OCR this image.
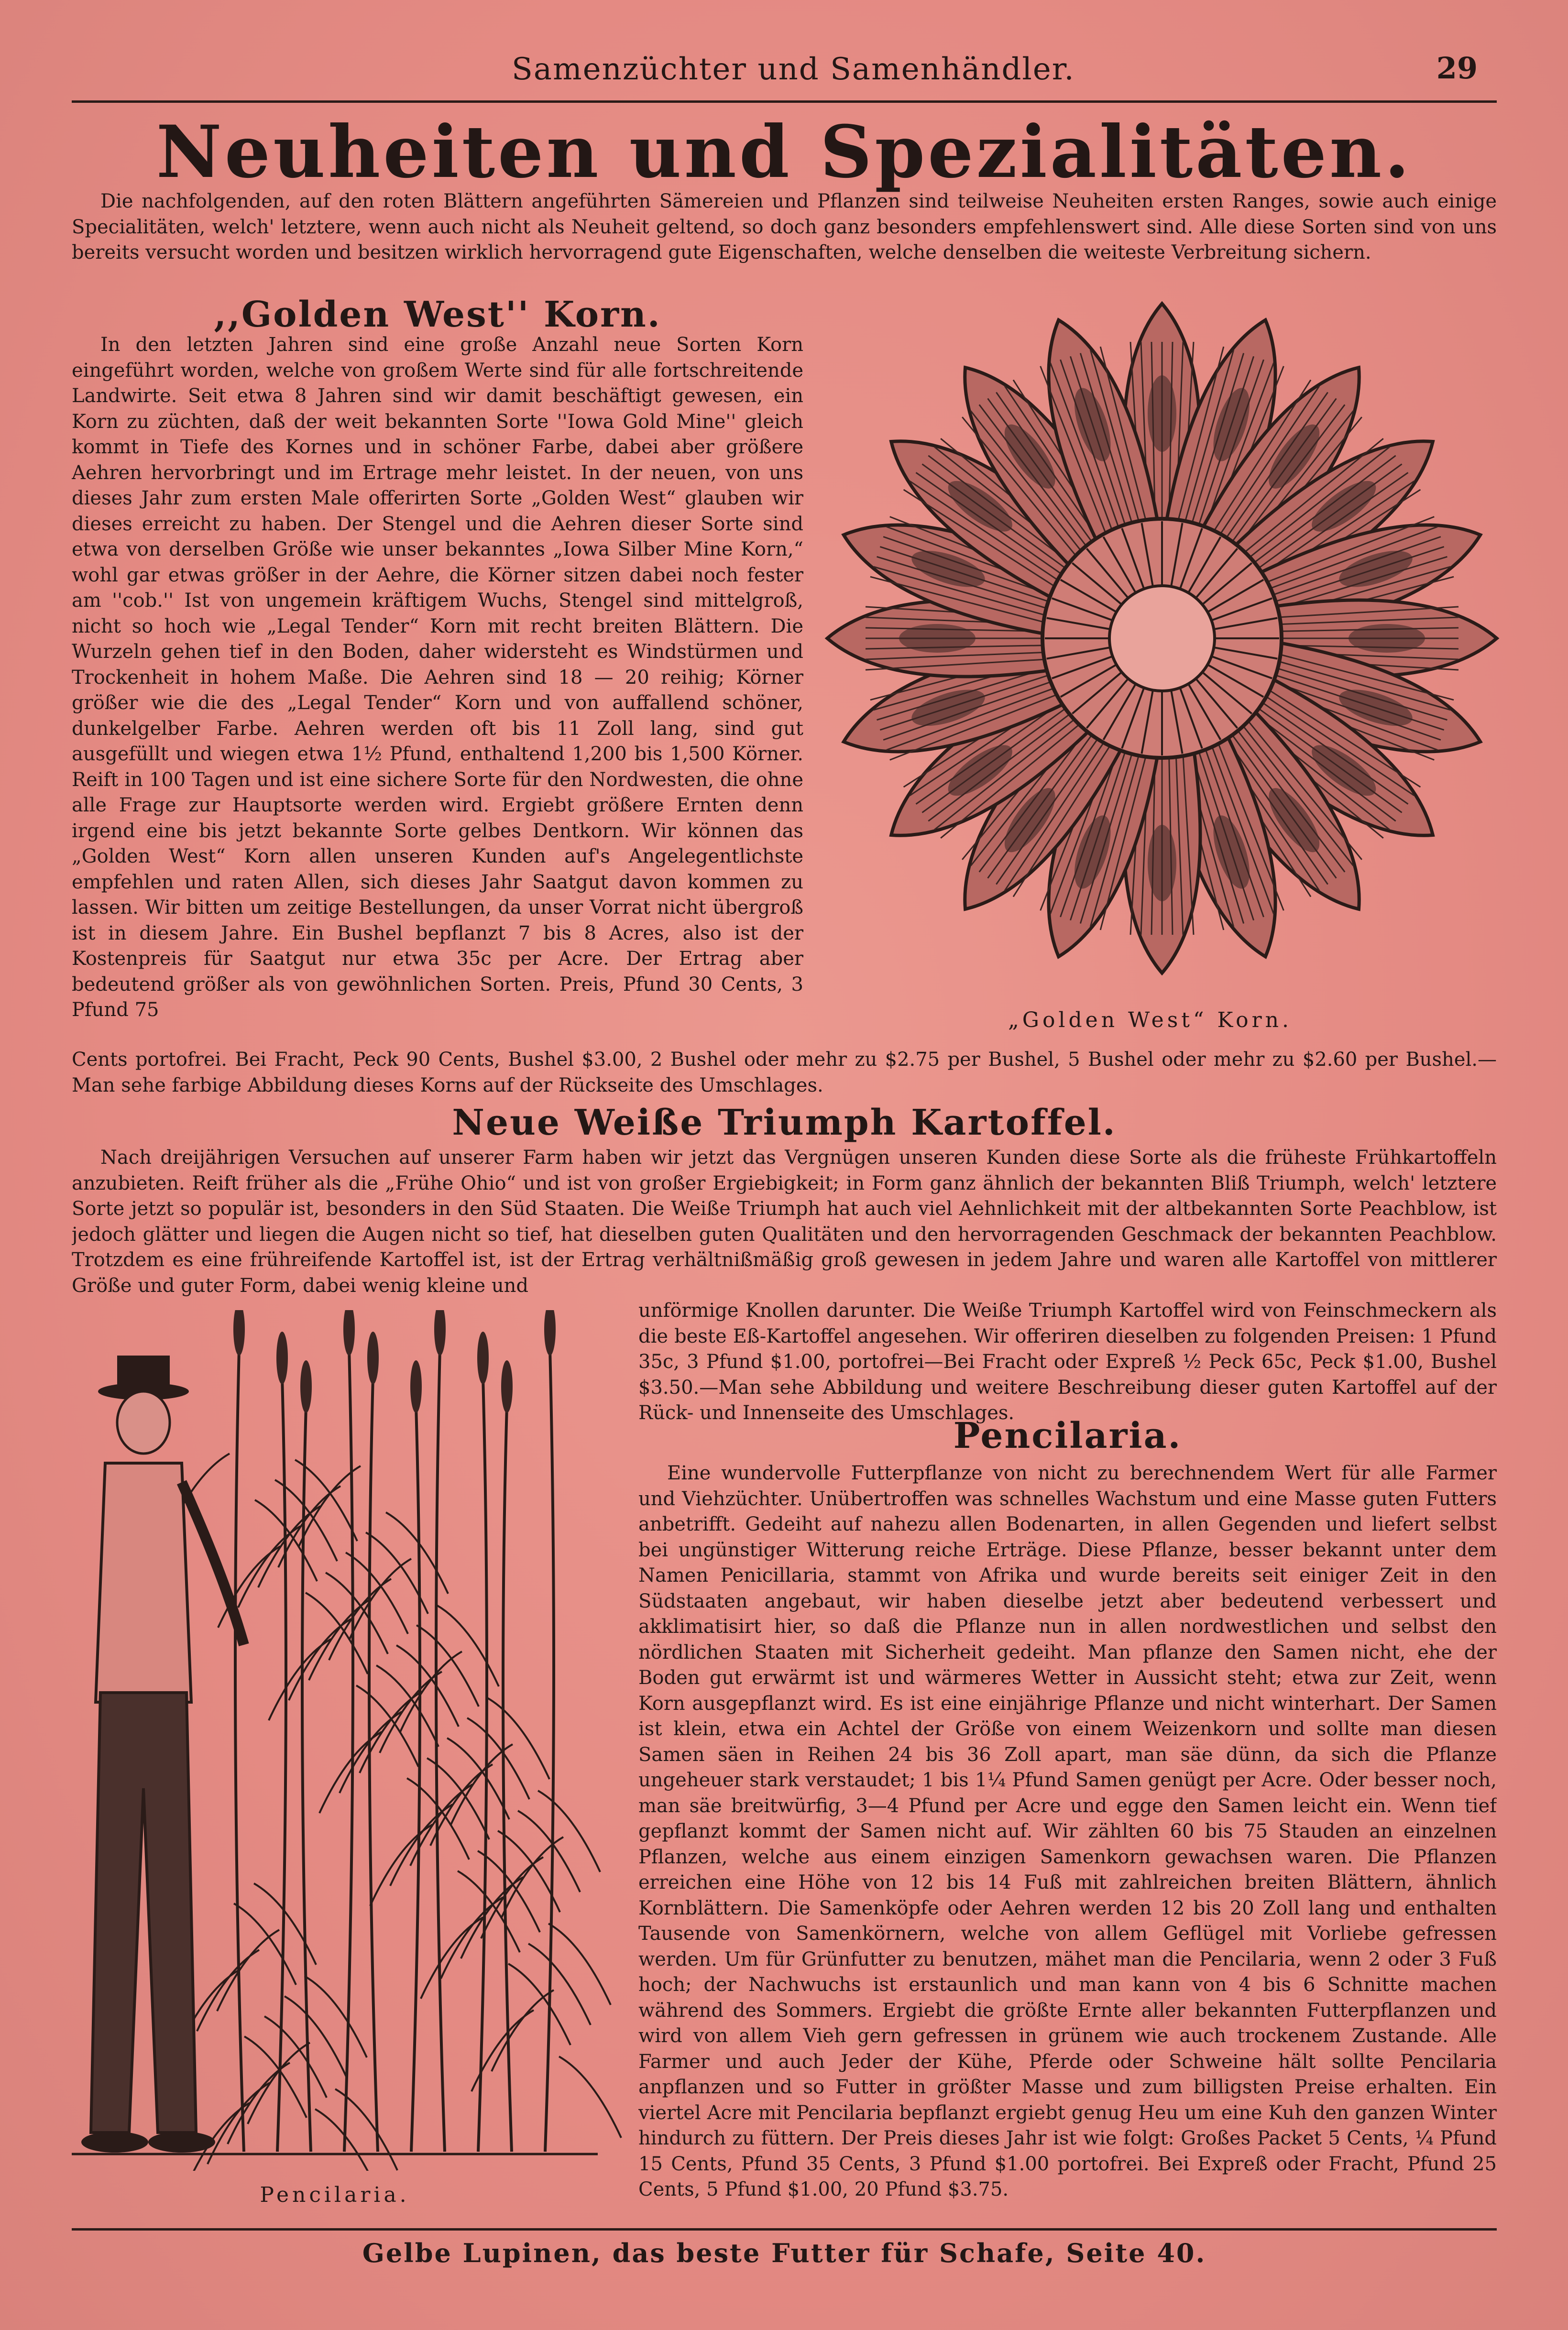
Samenzüchter und Samenhändler.	29
Neuheiten und Spezialitäten.
Die nachfolgenden, auf den roten Blättern angeführten Sämereien und Pflanzen sind teilweise Neuheiten ersten Ranges, sowie auch einige Specialitäten, welch' letztere, wenn auch nicht als Neuheit geltend, so doch ganz besonders empfehlenswert sind. Alle diese Sorten sind von uns bereits versucht worden und besitzen wirklich hervorragend gute Eigenschaften, welche denselben die weiteste Verbreitung sichern.
,,Golden West'' Korn.
In den letzten Jahren sind eine große Anzahl neue Sorten Korn eingeführt worden, welche von großem Werte sind für alle fortschreitende Landwirte. Seit etwa 8 Jahren sind wir damit beschäftigt gewesen, ein Korn zu züchten, daß der weit bekannten Sorte ''Iowa Gold Mine'' gleich kommt in Tiefe des Kornes und in schöner Farbe, dabei aber größere Aehren hervorbringt und im Ertrage mehr leistet. In der neuen, von uns dieses Jahr zum ersten Male offerirten Sorte „Golden West“ glauben wir dieses erreicht zu haben. Der Stengel und die Aehren dieser Sorte sind etwa von derselben Größe wie unser bekanntes „Iowa Silber Mine Korn,“ wohl gar etwas größer in der Aehre, die Körner sitzen dabei noch fester am ''cob.'' Ist von ungemein kräftigem Wuchs, Stengel sind mittelgroß, nicht so hoch wie „Legal Tender“ Korn mit recht breiten Blättern. Die Wurzeln gehen tief in den Boden, daher widersteht es Windstürmen und Trockenheit in hohem Maße. Die Aehren sind 18 — 20 reihig; Körner größer wie die des „Legal Tender“ Korn und von auffallend schöner, dunkelgelber Farbe. Aehren werden oft bis 11 Zoll lang, sind gut ausgefüllt und wiegen etwa 1½ Pfund, enthaltend 1,200 bis 1,500 Körner. Reift in 100 Tagen und ist eine sichere Sorte für den Nordwesten, die ohne alle Frage zur Hauptsorte werden wird. Ergiebt größere Ernten denn irgend eine bis jetzt bekannte Sorte gelbes Dentkorn. Wir können das „Golden West“ Korn allen unseren Kunden auf's Angelegentlichste empfehlen und raten Allen, sich dieses Jahr Saatgut davon kommen zu lassen. Wir bitten um zeitige Bestellungen, da unser Vorrat nicht übergroß ist in diesem Jahre. Ein Bushel bepflanzt 7 bis 8 Acres, also ist der Kostenpreis für Saatgut nur etwa 35c per Acre. Der Ertrag aber bedeutend größer als von gewöhnlichen Sorten. Preis, Pfund 30 Cents, 3 Pfund 75	„Golden West“ Korn.
Cents portofrei. Bei Fracht, Peck 90 Cents, Bushel $3.00, 2 Bushel oder mehr zu $2.75 per Bushel, 5 Bushel oder mehr zu $2.60 per Bushel.—Man sehe farbige Abbildung dieses Korns auf der Rückseite des Umschlages.
Neue Weiße Triumph Kartoffel.
Nach dreijährigen Versuchen auf unserer Farm haben wir jetzt das Vergnügen unseren Kunden diese Sorte als die früheste Frühkartoffeln anzubieten. Reift früher als die „Frühe Ohio“ und ist von großer Ergiebigkeit; in Form ganz ähnlich der bekannten Bliß Triumph, welch' letztere Sorte jetzt so populär ist, besonders in den Süd Staaten. Die Weiße Triumph hat auch viel Aehnlichkeit mit der altbekannten Sorte Peachblow, ist jedoch glätter und liegen die Augen nicht so tief, hat dieselben guten Qualitäten und den hervorragenden Geschmack der bekannten Peachblow. Trotzdem es eine frühreifende Kartoffel ist, ist der Ertrag verhältnißmäßig groß gewesen in jedem Jahre und waren alle Kartoffel von mittlerer Größe und guter Form, dabei wenig kleine und
unförmige Knollen darunter. Die Weiße Triumph Kartoffel wird von Feinschmeckern als die beste Eß-Kartoffel angesehen. Wir offeriren dieselben zu folgenden Preisen: 1 Pfund 35c, 3 Pfund $1.00, portofrei—Bei Fracht oder Expreß ½ Peck 65c, Peck $1.00, Bushel $3.50.—Man sehe Abbildung und weitere Beschreibung dieser guten Kartoffel auf der Rück- und Innenseite des Umschlages.
Pencilaria.
Eine wundervolle Futterpflanze von nicht zu berechnendem Wert für alle Farmer und Viehzüchter. Unübertroffen was schnelles Wachstum und eine Masse guten Futters anbetrifft. Gedeiht auf nahezu allen Bodenarten, in allen Gegenden und liefert selbst bei ungünstiger Witterung reiche Erträge. Diese Pflanze, besser bekannt unter dem Namen Penicillaria, stammt von Afrika und wurde bereits seit einiger Zeit in den Südstaaten angebaut, wir haben dieselbe jetzt aber bedeutend verbessert und akklimatisirt hier, so daß die Pflanze nun in allen nordwestlichen und selbst den nördlichen Staaten mit Sicherheit gedeiht. Man pflanze den Samen nicht, ehe der Boden gut erwärmt ist und wärmeres Wetter in Aussicht steht; etwa zur Zeit, wenn Korn ausgepflanzt wird. Es ist eine einjährige Pflanze und nicht winterhart. Der Samen ist klein, etwa ein Achtel der Größe von einem Weizenkorn und sollte man diesen Samen säen in Reihen 24 bis 36 Zoll apart, man säe dünn, da sich die Pflanze ungeheuer stark verstaudet; 1 bis 1¼ Pfund Samen genügt per Acre. Oder besser noch, man säe breitwürfig, 3—4 Pfund per Acre und egge den Samen leicht ein. Wenn tief gepflanzt kommt der Samen nicht auf. Wir zählten 60 bis 75 Stauden an einzelnen Pflanzen, welche aus einem einzigen Samenkorn gewachsen waren. Die Pflanzen erreichen eine Höhe von 12 bis 14 Fuß mit zahlreichen breiten Blättern, ähnlich Kornblättern. Die Samenköpfe oder Aehren werden 12 bis 20 Zoll lang und enthalten Tausende von Samenkörnern, welche von allem Geflügel mit Vorliebe gefressen werden. Um für Grünfutter zu benutzen, mähet man die Pencilaria, wenn 2 oder 3 Fuß hoch; der Nachwuchs ist erstaunlich und man kann von 4 bis 6 Schnitte machen während des Sommers. Ergiebt die größte Ernte aller bekannten Futterpflanzen und wird von allem Vieh gern gefressen in grünem wie auch trockenem Zustande. Alle Farmer und auch Jeder der Kühe, Pferde oder Schweine hält sollte Pencilaria anpflanzen und so Futter in größter Masse und zum billigsten Preise erhalten. Ein viertel Acre mit Pencilaria bepflanzt ergiebt genug Heu um eine Kuh den ganzen Winter hindurch zu füttern. Der Preis dieses Jahr ist wie folgt: Großes Packet 5 Cents, ¼ Pfund 15 Cents, Pfund 35 Cents, 3 Pfund $1.00 portofrei. Bei Expreß oder Fracht, Pfund 25 Cents, 5 Pfund $1.00, 20 Pfund $3.75.
Pencilaria.
Gelbe Lupinen, das beste Futter für Schafe, Seite 40.
